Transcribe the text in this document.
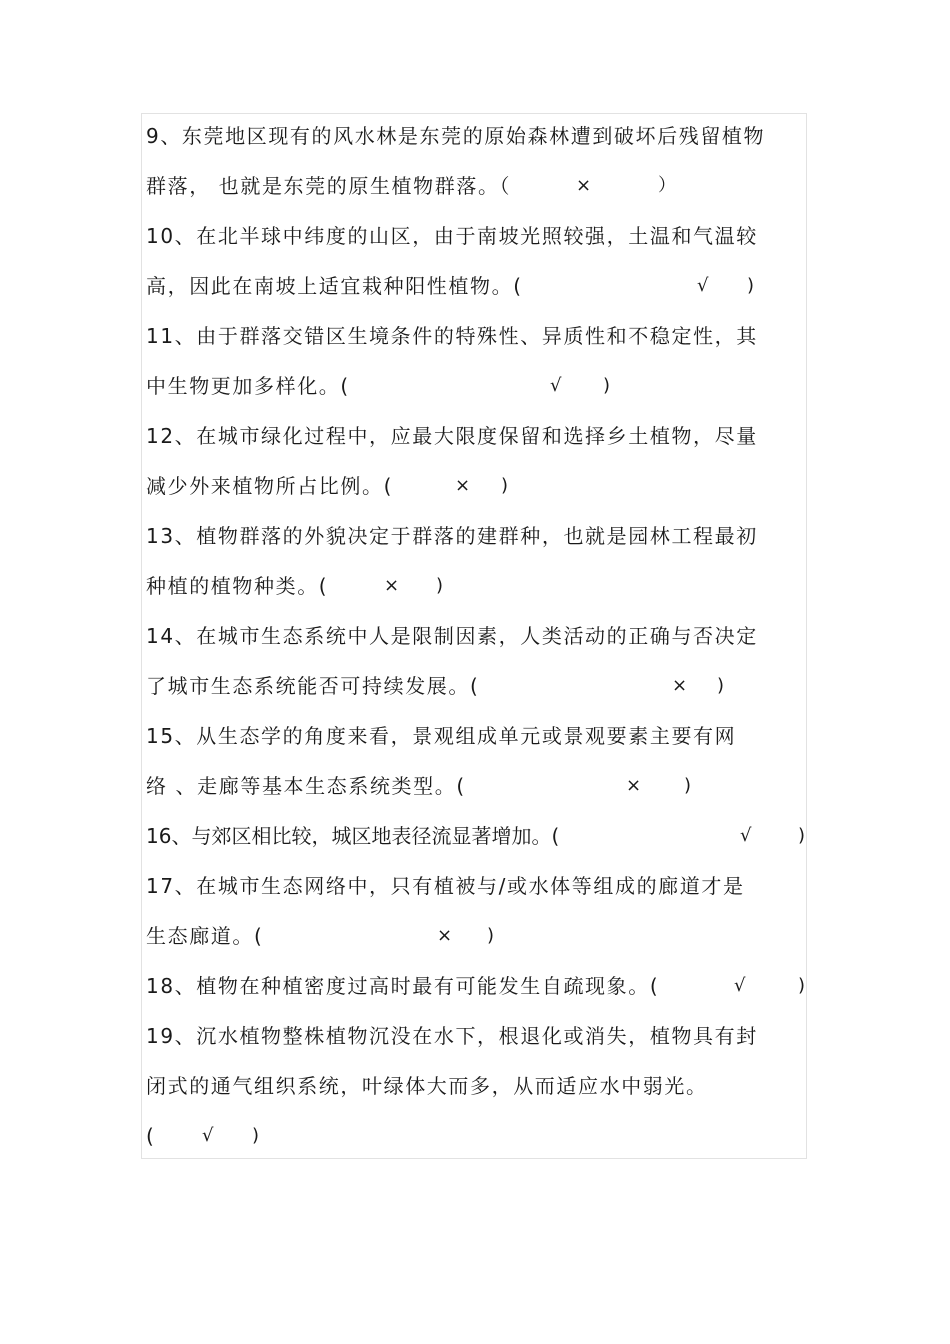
9、东莞地区现有的风水林是东莞的原始森林遭到破坏后残留植物
群落， 也就是东莞的原生植物群落。（	×	）
10、在北半球中纬度的山区，由于南坡光照较强，土温和气温较
高，因此在南坡上适宜栽种阳性植物。(	√ )
11、由于群落交错区生境条件的特殊性、异质性和不稳定性，其
中生物更加多样化。(	√ )
12、在城市绿化过程中，应最大限度保留和选择乡土植物，尽量
减少外来植物所占比例。(	× )
13、植物群落的外貌决定于群落的建群种，也就是园林工程最初
种植的植物种类。(	× )
14、在城市生态系统中人是限制因素，人类活动的正确与否决定
了城市生态系统能否可持续发展。(	× )
15、从生态学的角度来看，景观组成单元或景观要素主要有网
络 、走廊等基本生态系统类型。(	× )
16、与郊区相比较，城区地表径流显著增加。(	√ )
17、在城市生态网络中，只有植被与/或水体等组成的廊道才是
生态廊道。(	× )
18、植物在种植密度过高时最有可能发生自疏现象。(	√	)
19、沉水植物整株植物沉没在水下，根退化或消失，植物具有封
闭式的通气组织系统，叶绿体大而多，从而适应水中弱光。
(	√ )
